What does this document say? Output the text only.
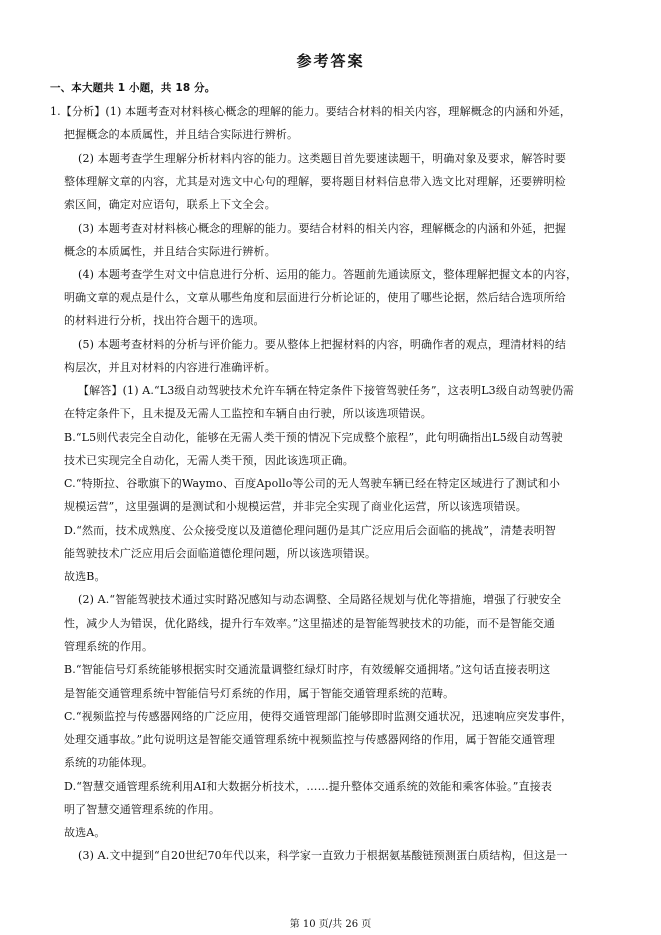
参考答案
一、本大题共 1 小题，共 18 分。
1.【分析】(1) 本题考查对材料核心概念的理解的能力。要结合材料的相关内容，理解概念的内涵和外延，
把握概念的本质属性，并且结合实际进行辨析。
(2) 本题考查学生理解分析材料内容的能力。这类题目首先要速读题干，明确对象及要求，解答时要
整体理解文章的内容，尤其是对选文中心句的理解，要将题目材料信息带入选文比对理解，还要辨明检
索区间，确定对应语句，联系上下文全会。
(3) 本题考查对材料核心概念的理解的能力。要结合材料的相关内容，理解概念的内涵和外延，把握
概念的本质属性，并且结合实际进行辨析。
(4) 本题考查学生对文中信息进行分析、运用的能力。答题前先通读原文，整体理解把握文本的内容，
明确文章的观点是什么，文章从哪些角度和层面进行分析论证的，使用了哪些论据，然后结合选项所给
的材料进行分析，找出符合题干的选项。
(5) 本题考查材料的分析与评价能力。要从整体上把握材料的内容，明确作者的观点，理清材料的结
构层次，并且对材料的内容进行准确评析。
【解答】(1) A.“L3级自动驾驶技术允许车辆在特定条件下接管驾驶任务”，这表明L3级自动驾驶仍需
在特定条件下，且未提及无需人工监控和车辆自由行驶，所以该选项错误。
B.“L5则代表完全自动化，能够在无需人类干预的情况下完成整个旅程”，此句明确指出L5级自动驾驶
技术已实现完全自动化，无需人类干预，因此该选项正确。
C.“特斯拉、谷歌旗下的Waymo、百度Apollo等公司的无人驾驶车辆已经在特定区域进行了测试和小
规模运营”，这里强调的是测试和小规模运营，并非完全实现了商业化运营，所以该选项错误。
D.“然而，技术成熟度、公众接受度以及道德伦理问题仍是其广泛应用后会面临的挑战”，清楚表明智
能驾驶技术广泛应用后会面临道德伦理问题，所以该选项错误。
故选B。
(2) A.“智能驾驶技术通过实时路况感知与动态调整、全局路径规划与优化等措施，增强了行驶安全
性，减少人为错误，优化路线，提升行车效率。”这里描述的是智能驾驶技术的功能，而不是智能交通
管理系统的作用。
B.“智能信号灯系统能够根据实时交通流量调整红绿灯时序，有效缓解交通拥堵。”这句话直接表明这
是智能交通管理系统中智能信号灯系统的作用，属于智能交通管理系统的范畴。
C.“视频监控与传感器网络的广泛应用，使得交通管理部门能够即时监测交通状况，迅速响应突发事件，
处理交通事故。”此句说明这是智能交通管理系统中视频监控与传感器网络的作用，属于智能交通管理
系统的功能体现。
D.“智慧交通管理系统利用AI和大数据分析技术，……提升整体交通系统的效能和乘客体验。”直接表
明了智慧交通管理系统的作用。
故选A。
(3) A.文中提到“自20世纪70年代以来，科学家一直致力于根据氨基酸链预测蛋白质结构，但这是一
第 10 页/共 26 页
